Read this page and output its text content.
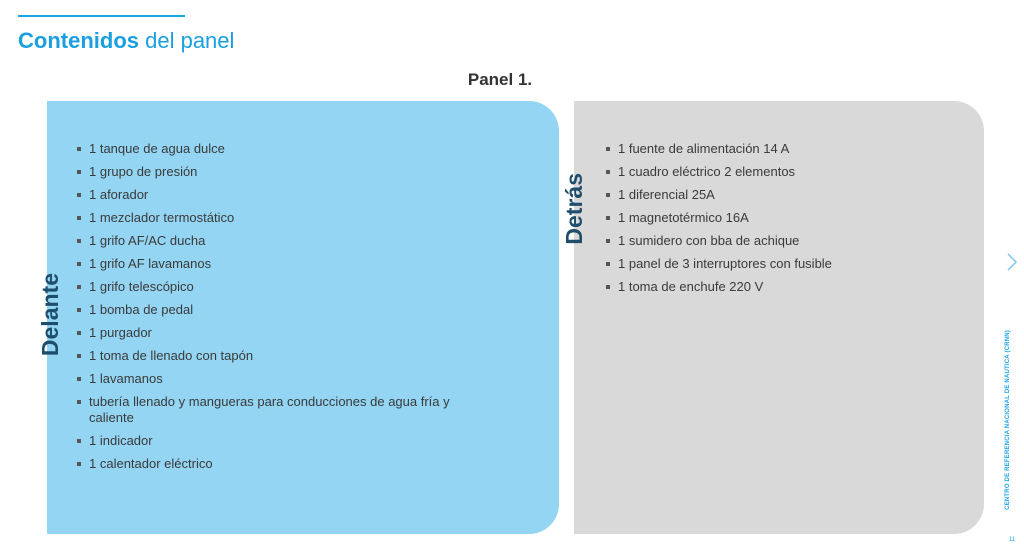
Contenidos del panel
Panel 1.
Delante
1 tanque de agua dulce
1 grupo de presión
1 aforador
1 mezclador termostático
1 grifo AF/AC ducha
1 grifo AF lavamanos
1 grifo telescópico
1 bomba de pedal
1 purgador
1 toma de llenado con tapón
1 lavamanos
tubería llenado y mangueras para conducciones de agua fría y caliente
1 indicador
1 calentador eléctrico
Detrás
1 fuente de alimentación 14 A
1 cuadro eléctrico 2 elementos
1 diferencial 25A
1 magnetotérmico 16A
1 sumidero con bba de achique
1 panel de 3 interruptores con fusible
1 toma de enchufe 220 V
CENTRO DE REFERENCIA NACIONAL DE NÁUTICA (CRNN)
11
